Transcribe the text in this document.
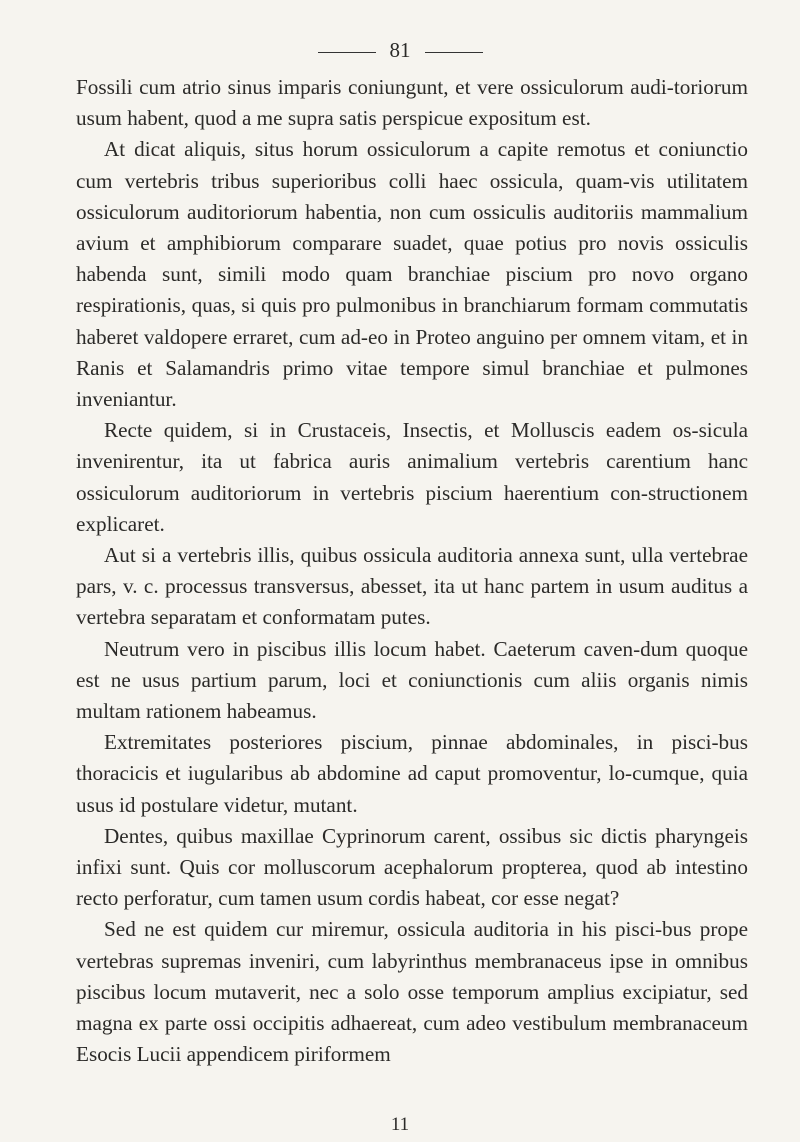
81

Fossili cum atrio sinus imparis coniungunt, et vere ossiculorum audi-toriorum usum habent, quod a me supra satis perspicue expositum est.

At dicat aliquis, situs horum ossiculorum a capite remotus et coniunctio cum vertebris tribus superioribus colli haec ossicula, quam-vis utilitatem ossiculorum auditoriorum habentia, non cum ossiculis auditoriis mammalium avium et amphibiorum comparare suadet, quae potius pro novis ossiculis habenda sunt, simili modo quam branchiae piscium pro novo organo respirationis, quas, si quis pro pulmonibus in branchiarum formam commutatis haberet valdopere erraret, cum ad-eo in Proteo anguino per omnem vitam, et in Ranis et Salamandris primo vitae tempore simul branchiae et pulmones inveniantur.

Recte quidem, si in Crustaceis, Insectis, et Molluscis eadem os-sicula invenirentur, ita ut fabrica auris animalium vertebris carentium hanc ossiculorum auditoriorum in vertebris piscium haerentium con-structionem explicaret.

Aut si a vertebris illis, quibus ossicula auditoria annexa sunt, ulla vertebrae pars, v. c. processus transversus, abesset, ita ut hanc partem in usum auditus a vertebra separatam et conformatam putes.

Neutrum vero in piscibus illis locum habet. Caeterum caven-dum quoque est ne usus partium parum, loci et coniunctionis cum aliis organis nimis multam rationem habeamus.

Extremitates posteriores piscium, pinnae abdominales, in pisci-bus thoracicis et iugularibus ab abdomine ad caput promoventur, lo-cumque, quia usus id postulare videtur, mutant.

Dentes, quibus maxillae Cyprinorum carent, ossibus sic dictis pharyngeis infixi sunt. Quis cor molluscorum acephalorum propterea, quod ab intestino recto perforatur, cum tamen usum cordis habeat, cor esse negat?

Sed ne est quidem cur miremur, ossicula auditoria in his pisci-bus prope vertebras supremas inveniri, cum labyrinthus membranaceus ipse in omnibus piscibus locum mutaverit, nec a solo osse temporum amplius excipiatur, sed magna ex parte ossi occipitis adhaereat, cum adeo vestibulum membranaceum Esocis Lucii appendicem piriformem

11
